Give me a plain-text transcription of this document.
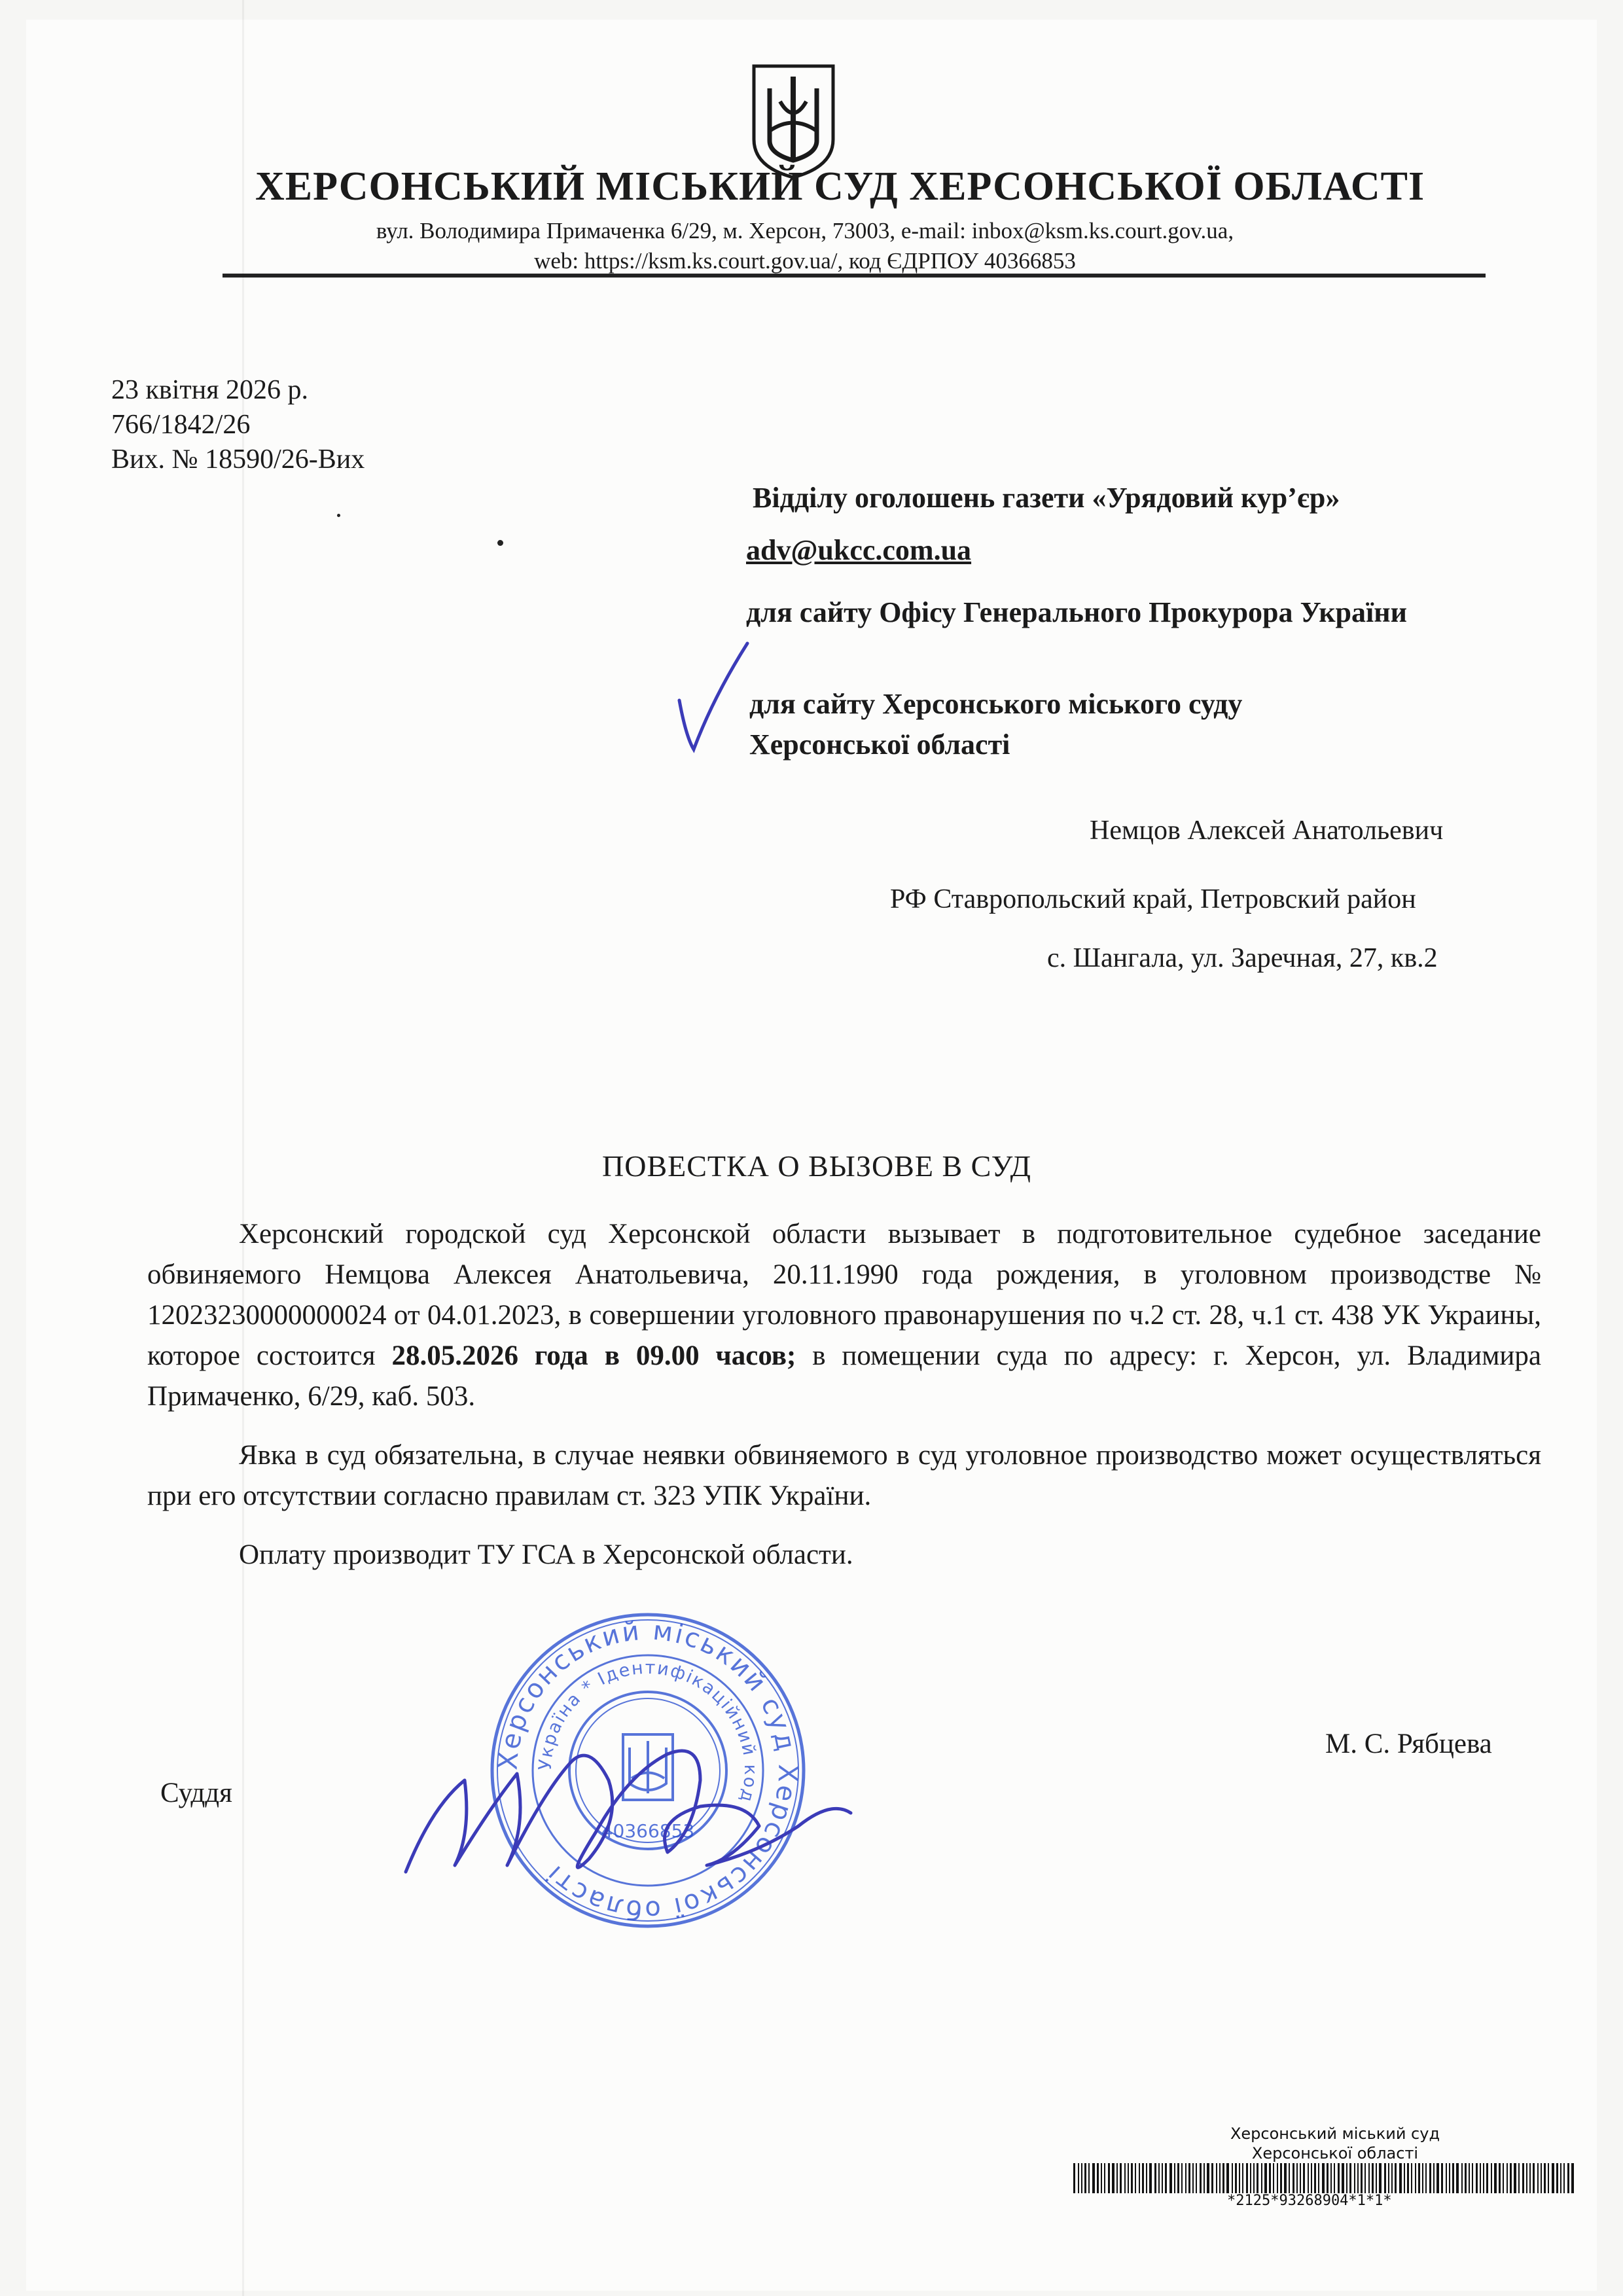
ХЕРСОНСЬКИЙ МІСЬКИЙ СУД ХЕРСОНСЬКОЇ ОБЛАСТІ
вул. Володимира Примаченка 6/29, м. Херсон, 73003, e-mail: inbox@ksm.ks.court.gov.ua,
web: https://ksm.ks.court.gov.ua/, код ЄДРПОУ 40366853
23 квітня 2026 р.
766/1842/26
Вих. № 18590/26-Вих
Відділу оголошень газети «Урядовий кур’єр»
adv@ukcc.com.ua
для сайту Офісу Генерального Прокурора України
для сайту Херсонського міського суду
Херсонської області
Немцов Алексей Анатольевич
РФ Ставропольский край, Петровский район
с. Шангала, ул. Заречная, 27, кв.2
ПОВЕСТКА О ВЫЗОВЕ В СУД

Херсонский городской суд Херсонской области вызывает в подготовительное судебное заседание обвиняемого Немцова Алексея Анатольевича, 20.11.1990 года рождения, в уголовном производстве № 12023230000000024 от 04.01.2023, в совершении уголовного правонарушения по ч.2 ст. 28, ч.1 ст. 438 УК Украины, которое состоится 28.05.2026 года в 09.00 часов; в помещении суда по адресу: г. Херсон, ул. Владимира Примаченко, 6/29, каб. 503.

Явка в суд обязательна, в случае неявки обвиняемого в суд уголовное производство может осуществляться при его отсутствии согласно правилам ст. 323 УПК України.

Оплату производит ТУ ГСА в Херсонской области.

Суддя
М. С. Рябцева
Херсонський міський суд Херсонської області
Україна * Ідентифікаційний код
40366853
Херсонський міський суд
Херсонської області
*2125*93268904*1*1*
